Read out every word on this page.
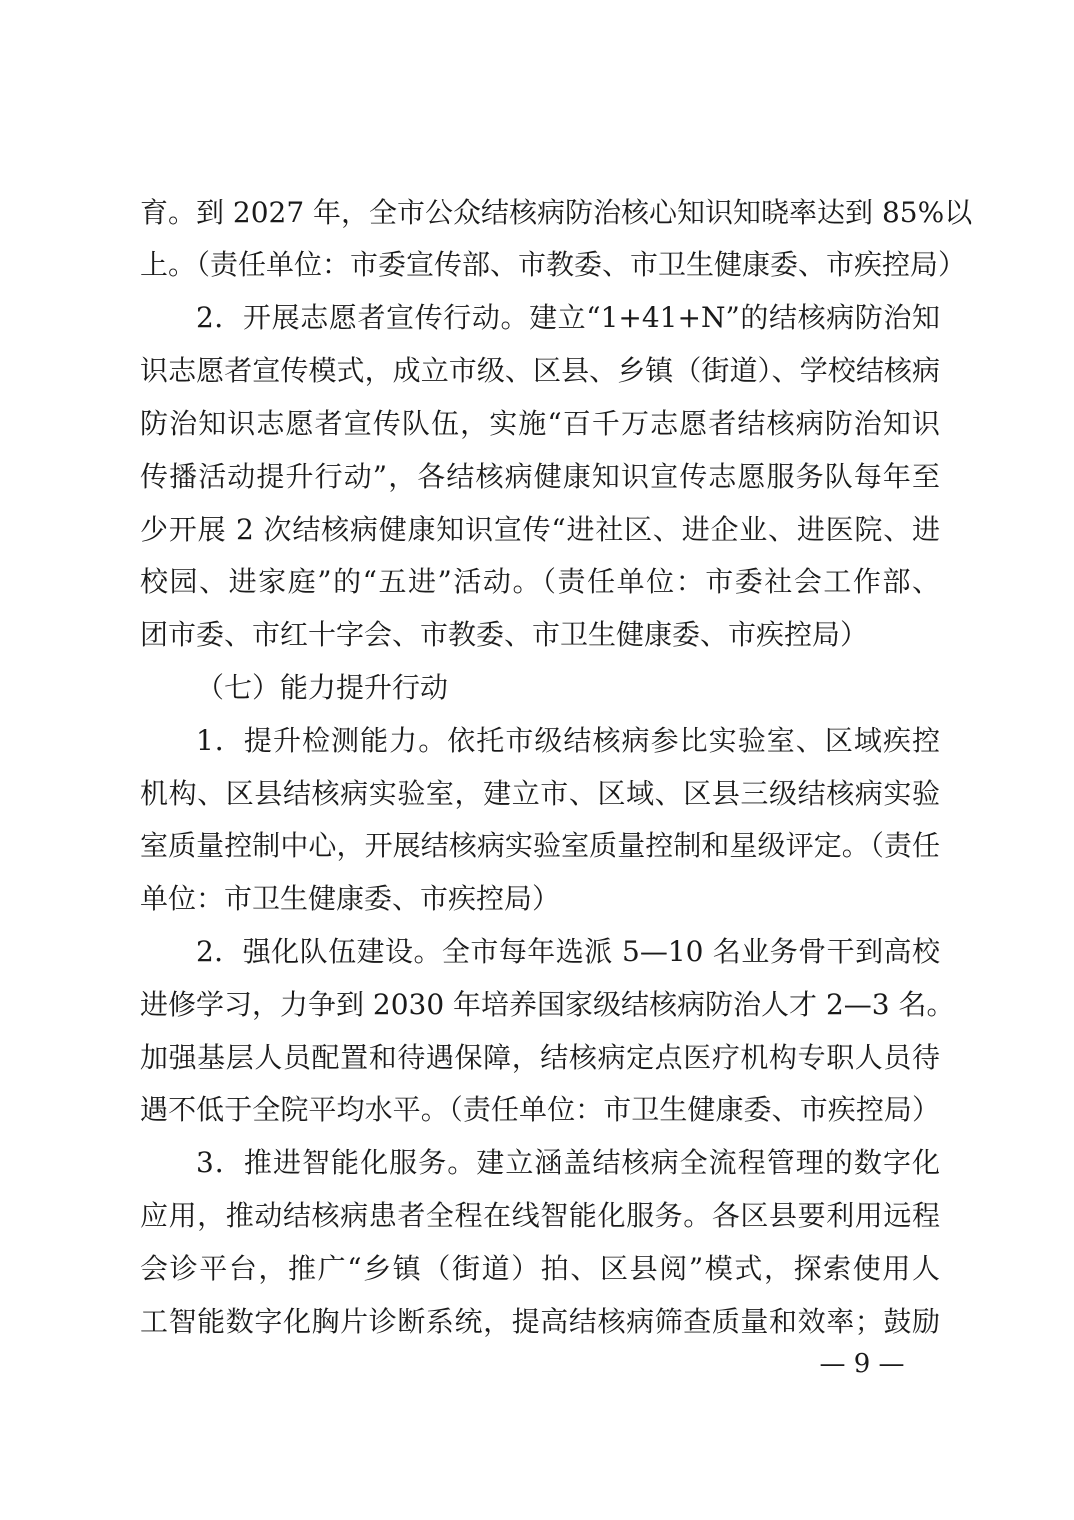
育。到 2027 年，全市公众结核病防治核心知识知晓率达到 85%以
上。（责任单位：市委宣传部、市教委、市卫生健康委、市疾控局）
2．开展志愿者宣传行动。建立“1+41+N”的结核病防治知
识志愿者宣传模式，成立市级、区县、乡镇（街道）、学校结核病
防治知识志愿者宣传队伍，实施“百千万志愿者结核病防治知识
传播活动提升行动”，各结核病健康知识宣传志愿服务队每年至
少开展 2 次结核病健康知识宣传“进社区、进企业、进医院、进
校园、进家庭”的“五进”活动。（责任单位：市委社会工作部、
团市委、市红十字会、市教委、市卫生健康委、市疾控局）
（七）能力提升行动
1．提升检测能力。依托市级结核病参比实验室、区域疾控
机构、区县结核病实验室，建立市、区域、区县三级结核病实验
室质量控制中心，开展结核病实验室质量控制和星级评定。（责任
单位：市卫生健康委、市疾控局）
2．强化队伍建设。全市每年选派 5—10 名业务骨干到高校
进修学习，力争到 2030 年培养国家级结核病防治人才 2—3 名。
加强基层人员配置和待遇保障，结核病定点医疗机构专职人员待
遇不低于全院平均水平。（责任单位：市卫生健康委、市疾控局）
3．推进智能化服务。建立涵盖结核病全流程管理的数字化
应用，推动结核病患者全程在线智能化服务。各区县要利用远程
会诊平台，推广“乡镇（街道）拍、区县阅”模式，探索使用人
工智能数字化胸片诊断系统，提高结核病筛查质量和效率；鼓励
— 9 —
